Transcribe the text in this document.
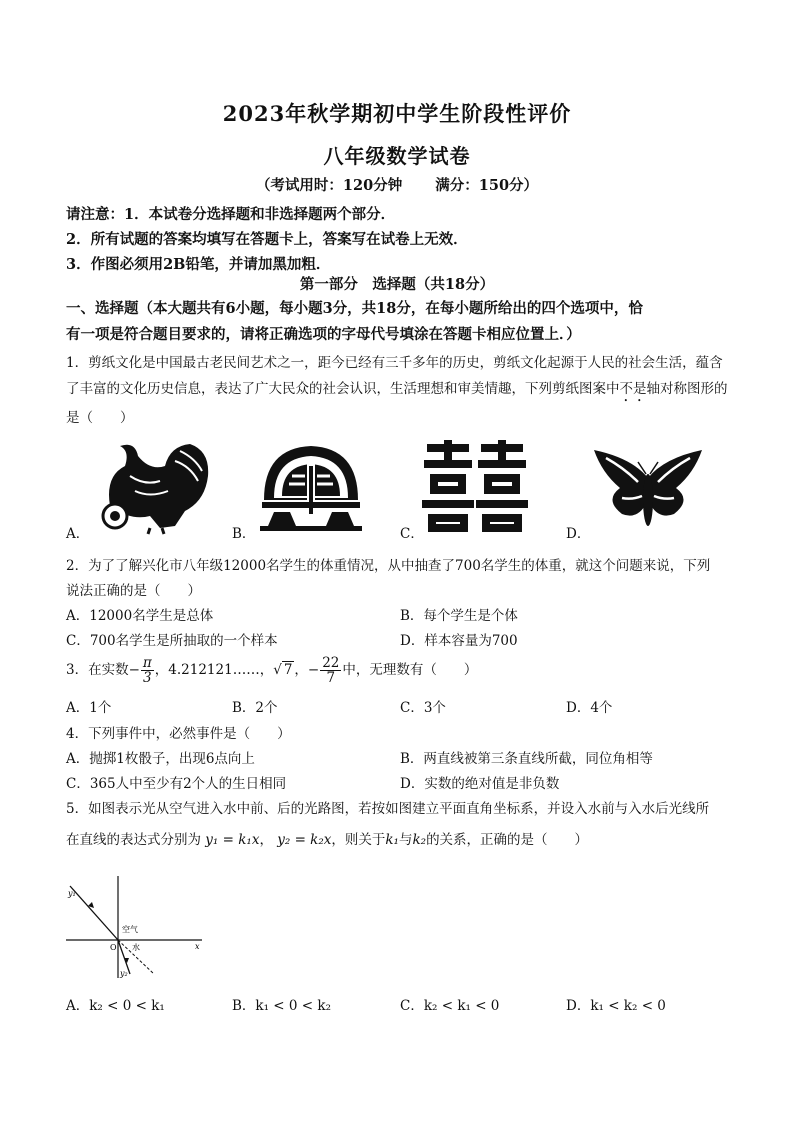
2023年秋学期初中学生阶段性评价
八年级数学试卷
（考试用时：120分钟 满分：150分）
请注意：1．本试卷分选择题和非选择题两个部分．
2．所有试题的答案均填写在答题卡上，答案写在试卷上无效．
3．作图必须用2B铅笔，并请加黑加粗．
第一部分　选择题（共18分）
一、选择题（本大题共有6小题，每小题3分，共18分，在每小题所给出的四个选项中，恰
有一项是符合题目要求的，请将正确选项的字母代号填涂在答题卡相应位置上．）
1．剪纸文化是中国最古老民间艺术之一，距今已经有三千多年的历史，剪纸文化起源于人民的社会生活，蕴含了丰富的文化历史信息，表达了广大民众的社会认识，生活理想和审美情趣，下列剪纸图案中不是轴对称图形的是（　　）
A．	B．	C．	D．
2．为了了解兴化市八年级12000名学生的体重情况，从中抽查了700名学生的体重，就这个问题来说，下列
说法正确的是（　　）
A．12000名学生是总体	B．每个学生是个体
C．700名学生是所抽取的一个样本	D．样本容量为700
3．在实数− $\frac{\pi}{3}$ ，4.212121……，√ 7 ，− $\frac{22}{7}$ 中，无理数有（　　）
A．1个	B．2个	C．3个	D．4个
4．下列事件中，必然事件是（　　）
A．抛掷1枚骰子，出现6点向上	B．两直线被第三条直线所截，同位角相等
C．365人中至少有2个人的生日相同	D．实数的绝对值是非负数
5．如图表示光从空气进入水中前、后的光路图，若按如图建立平面直角坐标系，并设入水前与入水后光线所
在直线的表达式分别为 y₁ = k₁x， y₂ = k₂x，则关于k₁与k₂的关系，正确的是（　　）
y₁
空气
水
O	x
y₂
A．k₂ < 0 < k₁	B．k₁ < 0 < k₂	C．k₂ < k₁ < 0	D．k₁ < k₂ < 0
